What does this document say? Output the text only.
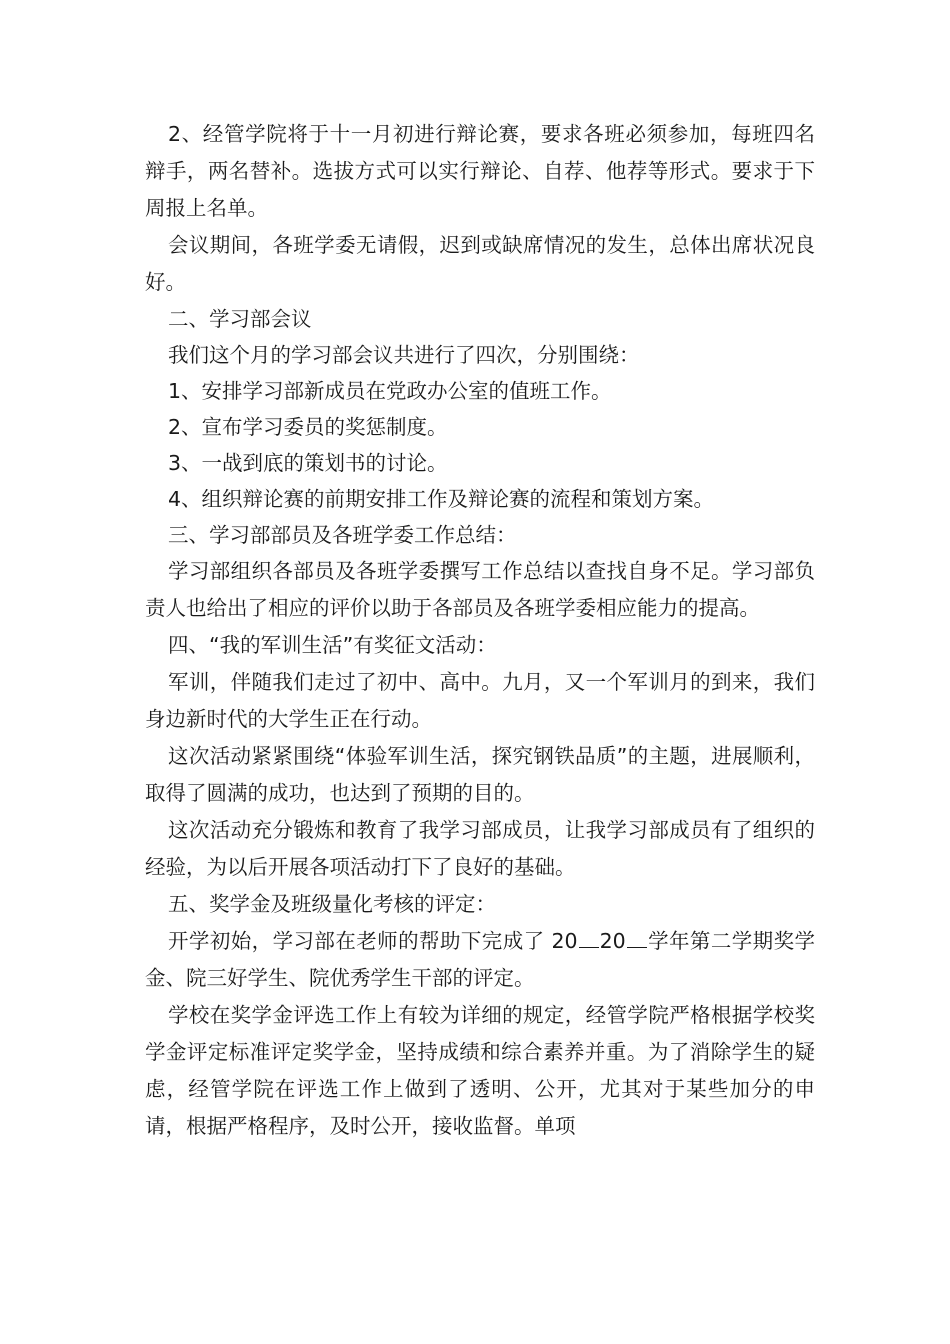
2、经管学院将于十一月初进行辩论赛，要求各班必须参加，每班四名辩手，两名替补。选拔方式可以实行辩论、自荐、他荐等形式。要求于下周报上名单。

会议期间，各班学委无请假，迟到或缺席情况的发生，总体出席状况良好。

二、学习部会议

我们这个月的学习部会议共进行了四次，分别围绕：

1、安排学习部新成员在党政办公室的值班工作。

2、宣布学习委员的奖惩制度。

3、一战到底的策划书的讨论。

4、组织辩论赛的前期安排工作及辩论赛的流程和策划方案。

三、学习部部员及各班学委工作总结：

学习部组织各部员及各班学委撰写工作总结以查找自身不足。学习部负责人也给出了相应的评价以助于各部员及各班学委相应能力的提高。

四、“我的军训生活”有奖征文活动：

军训，伴随我们走过了初中、高中。九月，又一个军训月的到来，我们身边新时代的大学生正在行动。

这次活动紧紧围绕“体验军训生活，探究钢铁品质”的主题，进展顺利，取得了圆满的成功，也达到了预期的目的。

这次活动充分锻炼和教育了我学习部成员，让我学习部成员有了组织的经验，为以后开展各项活动打下了良好的基础。

五、奖学金及班级量化考核的评定：

开学初始，学习部在老师的帮助下完成了 20 20 学年第二学期奖学金、院三好学生、院优秀学生干部的评定。

学校在奖学金评选工作上有较为详细的规定，经管学院严格根据学校奖学金评定标准评定奖学金，坚持成绩和综合素养并重。为了消除学生的疑虑，经管学院在评选工作上做到了透明、公开，尤其对于某些加分的申请，根据严格程序，及时公开，接收监督。单项
